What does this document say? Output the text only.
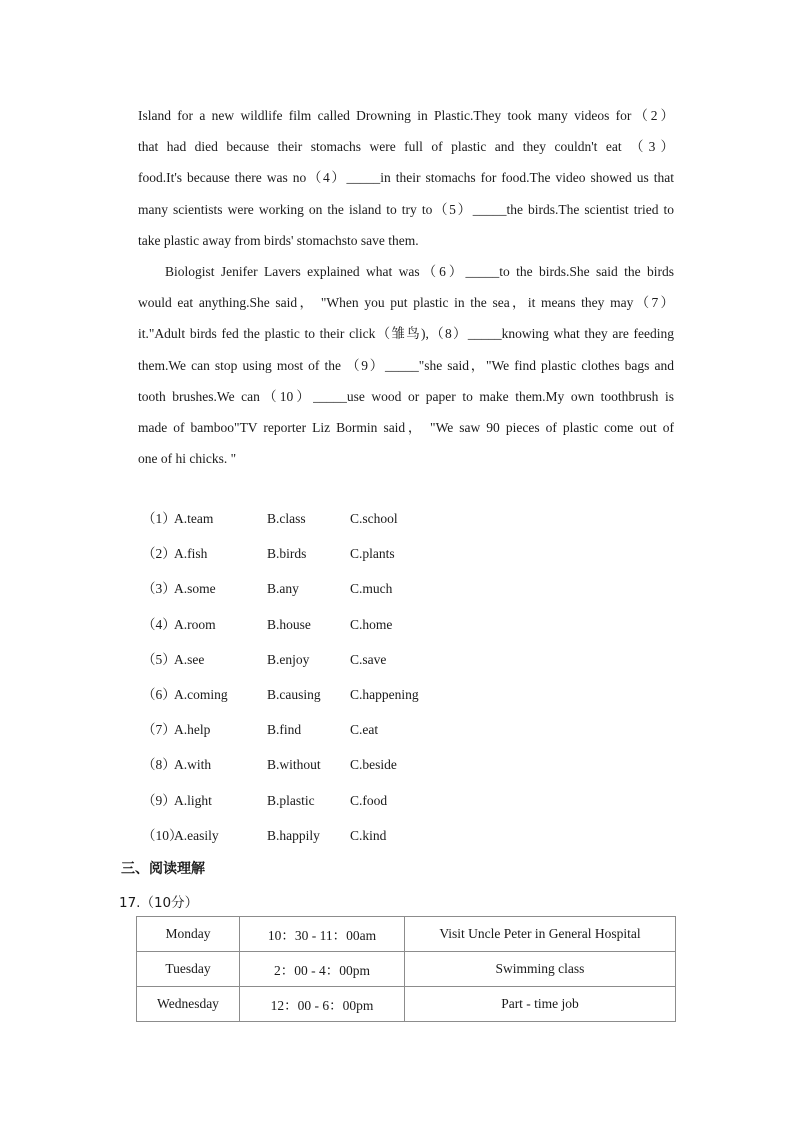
Island for a new wildlife film called Drowning in Plastic.They took many videos for（2）
that had died because their stomachs were full of plastic and they couldn't eat （3）
food.It's because there was no（4）_____in their stomachs for food.The video showed us that
many scientists were working on the island to try to（5）_____the birds.The scientist tried to

take plastic away from birds' stomachsto save them.

Biologist Jenifer Lavers explained what was（6）_____to the birds.She said the birds

would eat anything.She said， "When you put plastic in the sea，it means they may（7）
it."Adult birds fed the plastic to their click（雏鸟),（8）_____knowing what they are feeding
them.We can stop using most of the （9）_____"she said，"We find plastic clothes bags and
tooth brushes.We can（10）_____use wood or paper to make them.My own toothbrush is
made of bamboo"TV reporter Liz Bormin said， "We saw 90 pieces of plastic come out of

one of hi chicks. "

（1）
A.team	B.class	C.school
（2）
A.fish	B.birds	C.plants
（3）
A.some	B.any	C.much
（4）
A.room	B.house	C.home
（5）
A.see	B.enjoy	C.save
（6）
A.coming	B.causing C.happening
（7）
A.help	B.find	C.eat
（8）
A.with	B.without C.beside
（9）
A.light	B.plastic	C.food
（10）
A.easily	B.happily C.kind
三、阅读理解
17.（10分）
Monday	10：30 - 11：00am	Visit Uncle Peter in General Hospital
Tuesday	2：00 - 4：00pm	Swimming class
Wednesday	12：00 - 6：00pm	Part - time job
